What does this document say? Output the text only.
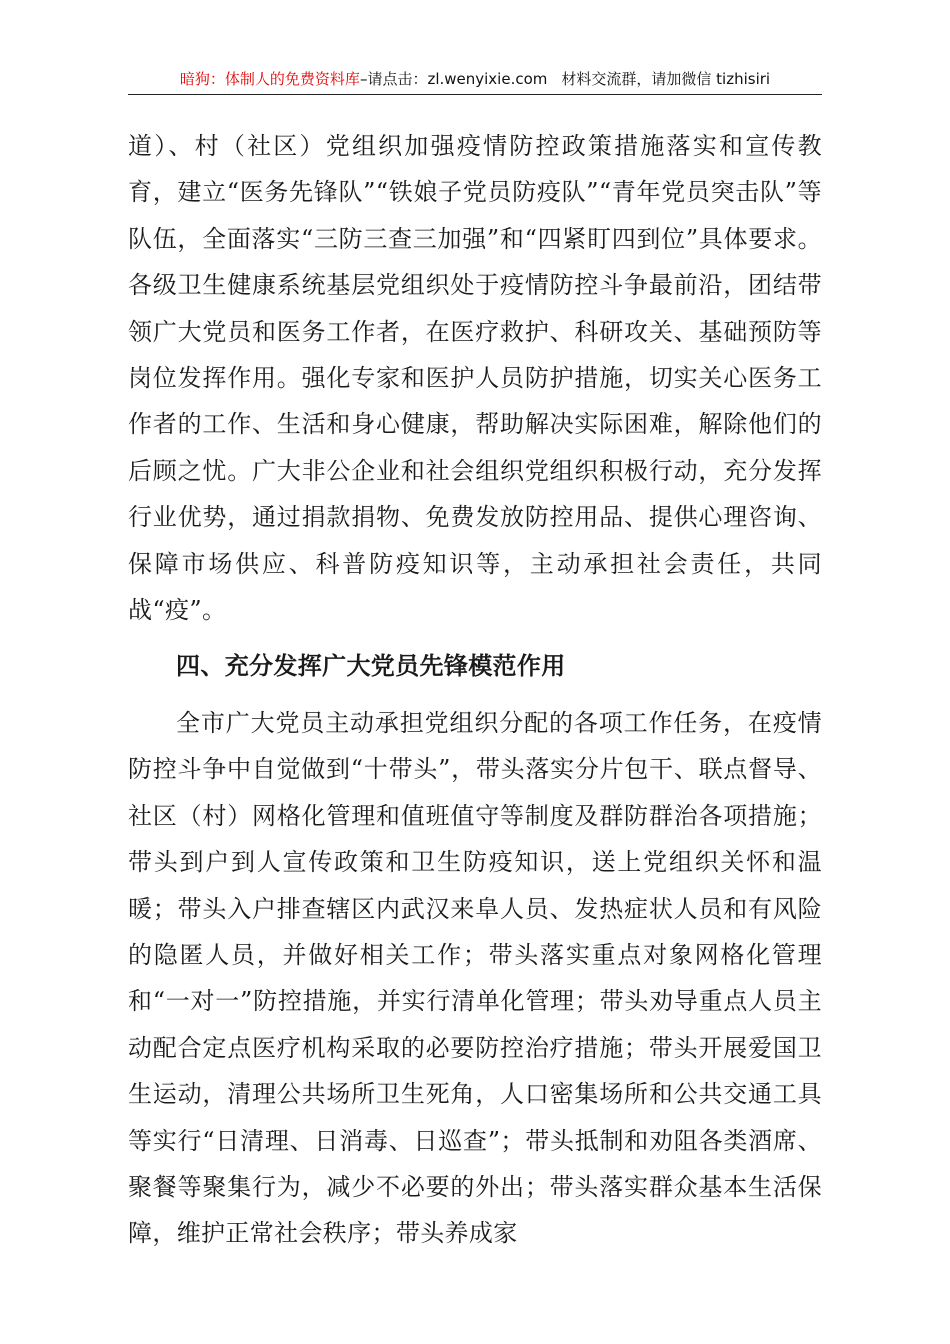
暗狗：体制人的免费资料库–请点击：zl.wenyixie.com 材料交流群，请加微信 tizhisiri

道）、村（社区）党组织加强疫情防控政策措施落实和宣传教育，建立“医务先锋队”“铁娘子党员防疫队”“青年党员突击队”等队伍，全面落实“三防三查三加强”和“四紧盯四到位”具体要求。各级卫生健康系统基层党组织处于疫情防控斗争最前沿，团结带领广大党员和医务工作者，在医疗救护、科研攻关、基础预防等岗位发挥作用。强化专家和医护人员防护措施，切实关心医务工作者的工作、生活和身心健康，帮助解决实际困难，解除他们的后顾之忧。广大非公企业和社会组织党组织积极行动，充分发挥行业优势，通过捐款捐物、免费发放防控用品、提供心理咨询、保障市场供应、科普防疫知识等，主动承担社会责任，共同战“疫”。

四、充分发挥广大党员先锋模范作用

全市广大党员主动承担党组织分配的各项工作任务，在疫情防控斗争中自觉做到“十带头”，带头落实分片包干、联点督导、社区（村）网格化管理和值班值守等制度及群防群治各项措施；带头到户到人宣传政策和卫生防疫知识，送上党组织关怀和温暖；带头入户排查辖区内武汉来阜人员、发热症状人员和有风险的隐匿人员，并做好相关工作；带头落实重点对象网格化管理和“一对一”防控措施，并实行清单化管理；带头劝导重点人员主动配合定点医疗机构采取的必要防控治疗措施；带头开展爱国卫生运动，清理公共场所卫生死角，人口密集场所和公共交通工具等实行“日清理、日消毒、日巡查”；带头抵制和劝阻各类酒席、聚餐等聚集行为，减少不必要的外出；带头落实群众基本生活保障，维护正常社会秩序；带头养成家
